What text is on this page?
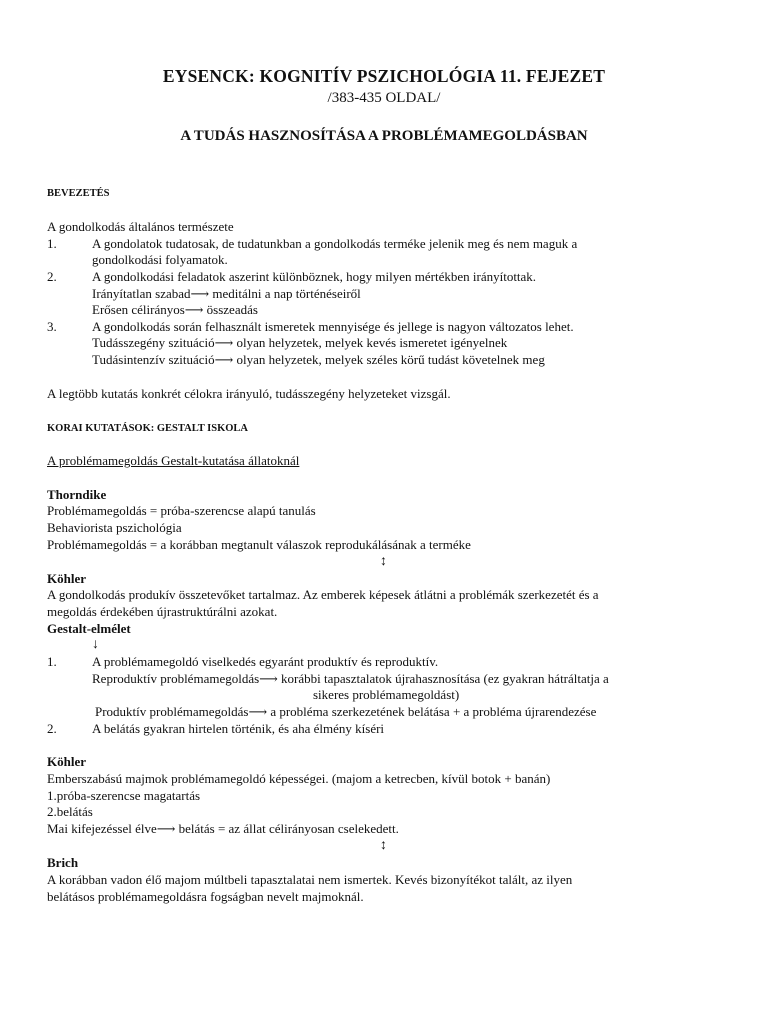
EYSENCK: KOGNITÍV PSZICHOLÓGIA 11. FEJEZET
/383-435 OLDAL/
A TUDÁS HASZNOSÍTÁSA A PROBLÉMAMEGOLDÁSBAN
BEVEZETÉS
A gondolkodás általános természete
1.	A gondolatok tudatosak, de tudatunkban a gondolkodás terméke jelenik meg és nem maguk a
gondolkodási folyamatok.
2.	A gondolkodási feladatok aszerint különböznek, hogy milyen mértékben irányítottak.
Irányítatlan szabad⟶ meditálni a nap történéseiről
Erősen célirányos⟶ összeadás
3.	A gondolkodás során felhasznált ismeretek mennyisége és jellege is nagyon változatos lehet.
Tudásszegény szituáció⟶ olyan helyzetek, melyek kevés ismeretet igényelnek
Tudásintenzív szituáció⟶ olyan helyzetek, melyek széles körű tudást követelnek meg
A legtöbb kutatás konkrét célokra irányuló, tudásszegény helyzeteket vizsgál.
KORAI KUTATÁSOK: GESTALT ISKOLA
A problémamegoldás Gestalt-kutatása állatoknál
Thorndike
Problémamegoldás = próba-szerencse alapú tanulás
Behaviorista pszichológia
Problémamegoldás = a korábban megtanult válaszok reprodukálásának a terméke
↕
Köhler
A gondolkodás produkív összetevőket tartalmaz. Az emberek képesek átlátni a problémák szerkezetét és a
megoldás érdekében újrastruktúrálni azokat.
Gestalt-elmélet
↓
1.	A problémamegoldó viselkedés egyaránt produktív és reproduktív.
Reproduktív problémamegoldás⟶ korábbi tapasztalatok újrahasznosítása (ez gyakran hátráltatja a
sikeres problémamegoldást)
Produktív problémamegoldás⟶ a probléma szerkezetének belátása + a probléma újrarendezése
2.	A belátás gyakran hirtelen történik, és aha élmény kíséri
Köhler
Emberszabású majmok problémamegoldó képességei. (majom a ketrecben, kívül botok + banán)
1.próba-szerencse magatartás
2.belátás
Mai kifejezéssel élve⟶ belátás = az állat célirányosan cselekedett.
↕
Brich
A korábban vadon élő majom múltbeli tapasztalatai nem ismertek. Kevés bizonyítékot talált, az ilyen
belátásos problémamegoldásra fogságban nevelt majmoknál.
